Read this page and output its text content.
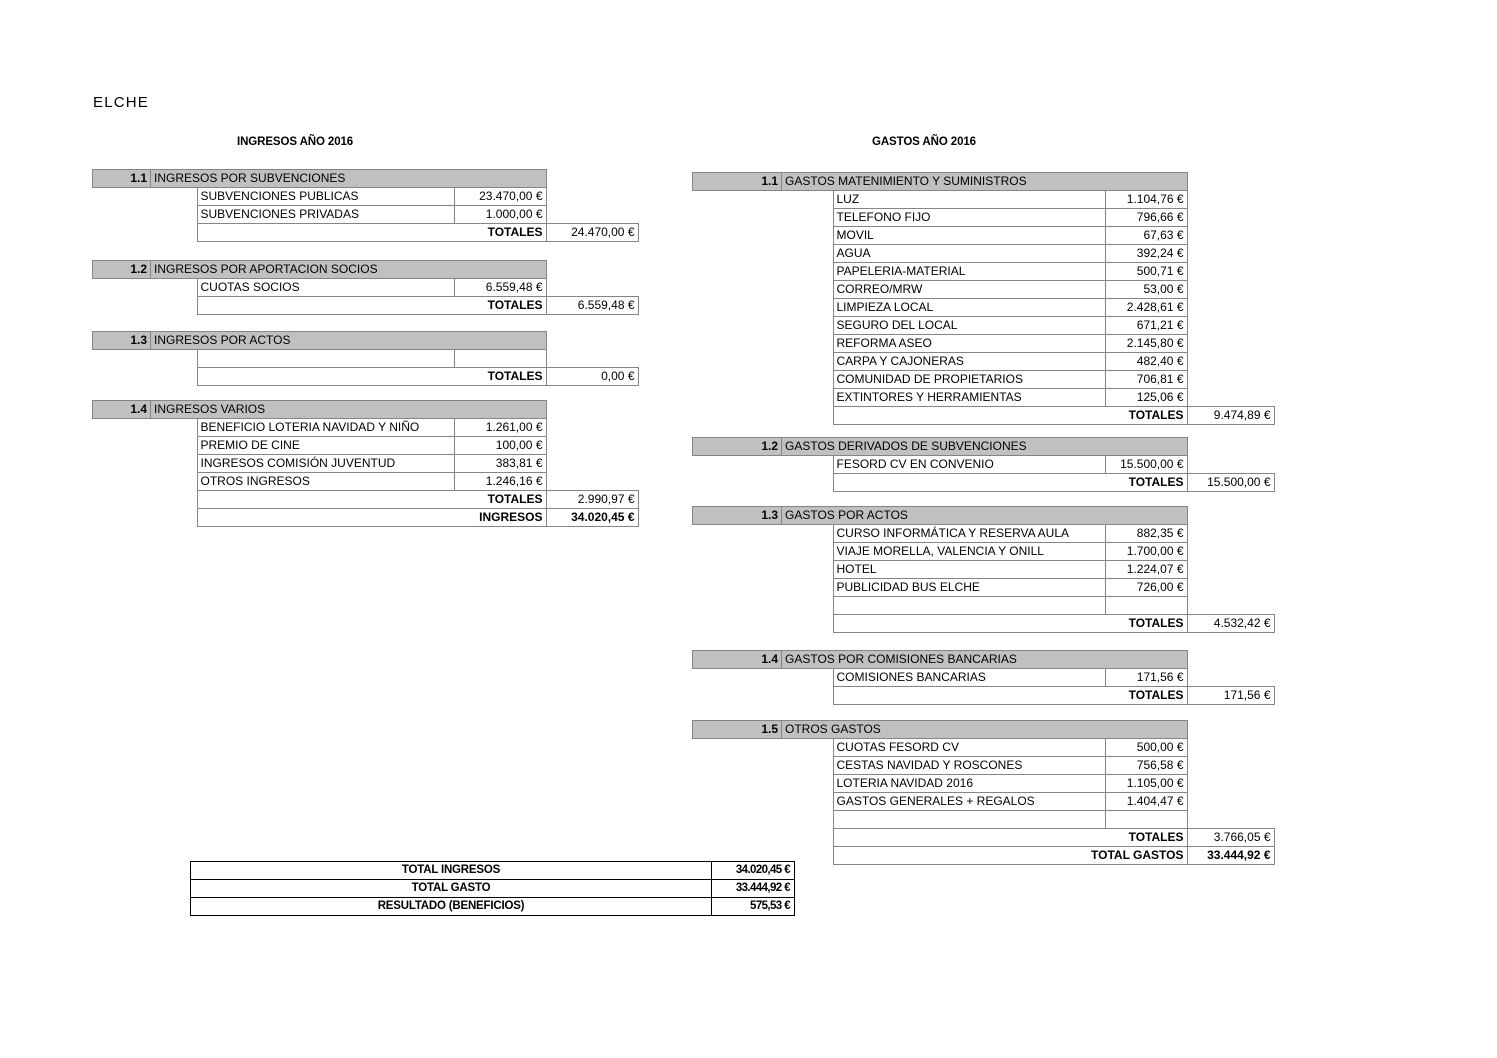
ELCHE
INGRESOS AÑO 2016	GASTOS AÑO 2016
1.1	INGRESOS POR SUBVENCIONES			
		SUBVENCIONES PUBLICAS	23.470,00 €	
		SUBVENCIONES PRIVADAS	1.000,00 €	
		TOTALES		24.470,00 €
1.2	INGRESOS POR APORTACION SOCIOS			
		CUOTAS SOCIOS	6.559,48 €	
		TOTALES		6.559,48 €
1.3	INGRESOS POR ACTOS			

		TOTALES		0,00 €
1.4	INGRESOS VARIOS			
		BENEFICIO LOTERIA NAVIDAD Y NIÑO	1.261,00 €	
		PREMIO DE CINE	100,00 €	
		INGRESOS COMISIÓN JUVENTUD	383,81 €	
		OTROS INGRESOS	1.246,16 €	
		TOTALES		2.990,97 €
		INGRESOS		34.020,45 €
1.1	GASTOS MATENIMIENTO Y SUMINISTROS			
		LUZ	1.104,76 €	
		TELEFONO FIJO	796,66 €	
		MOVIL	67,63 €	
		AGUA	392,24 €	
		PAPELERIA-MATERIAL	500,71 €	
		CORREO/MRW	53,00 €	
		LIMPIEZA LOCAL	2.428,61 €	
		SEGURO DEL LOCAL	671,21 €	
		REFORMA ASEO	2.145,80 €	
		CARPA Y CAJONERAS	482,40 €	
		COMUNIDAD DE PROPIETARIOS	706,81 €	
		EXTINTORES Y HERRAMIENTAS	125,06 €	
		TOTALES		9.474,89 €
1.2	GASTOS DERIVADOS DE SUBVENCIONES			
		FESORD CV EN CONVENIO	15.500,00 €	
		TOTALES		15.500,00 €
1.3	GASTOS POR ACTOS			
		CURSO INFORMÁTICA Y RESERVA AULA	882,35 €	
		VIAJE MORELLA, VALENCIA Y ONILL	1.700,00 €	
		HOTEL	1.224,07 €	
		PUBLICIDAD BUS ELCHE	726,00 €	

		TOTALES		4.532,42 €
1.4	GASTOS POR COMISIONES BANCARIAS			
		COMISIONES BANCARIAS	171,56 €	
		TOTALES		171,56 €
1.5	OTROS GASTOS			
		CUOTAS FESORD CV	500,00 €	
		CESTAS NAVIDAD Y ROSCONES	756,58 €	
		LOTERIA NAVIDAD 2016	1.105,00 €	
		GASTOS GENERALES + REGALOS	1.404,47 €	

		TOTALES		3.766,05 €
		TOTAL GASTOS		33.444,92 €
TOTAL INGRESOS	34.020,45 €
TOTAL GASTO	33.444,92 €
RESULTADO (BENEFICIOS)	575,53 €
